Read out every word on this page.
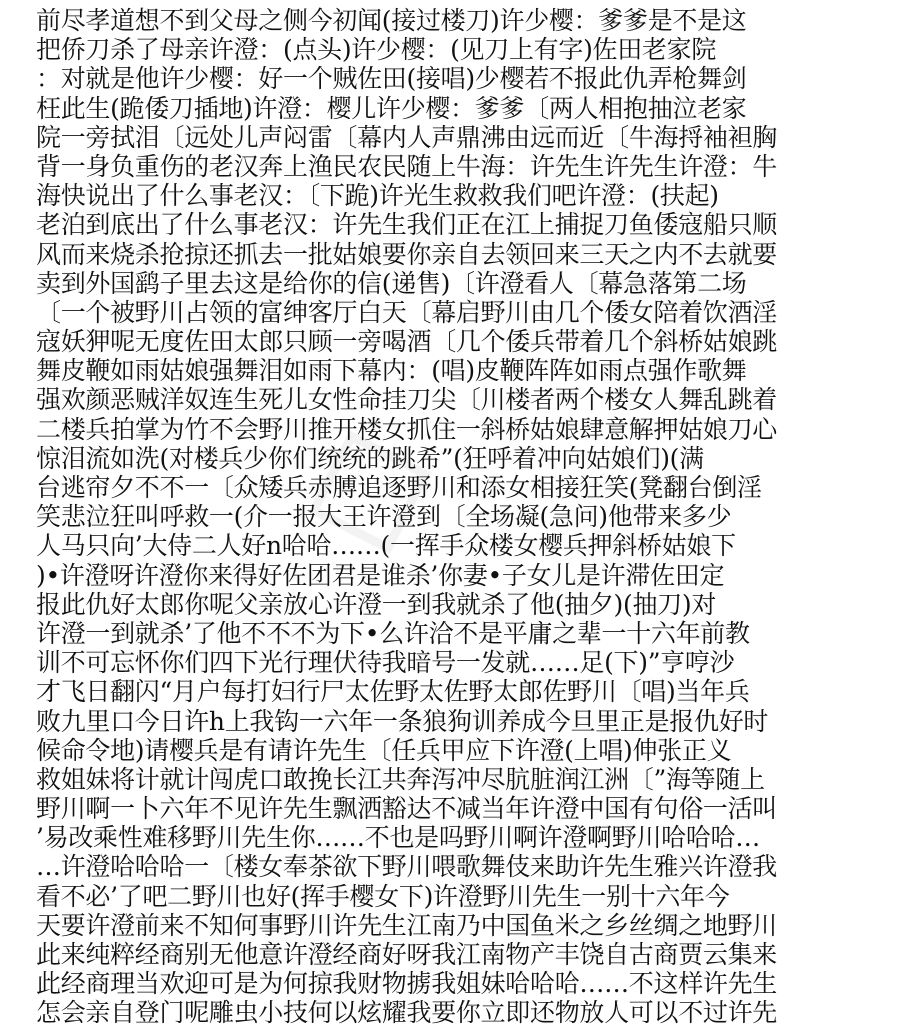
◇
前尽孝道想不到父母之侧今初闻(接过楼刀)许少樱：爹爹是不是这
把侨刀杀了母亲许澄：(点头)许少樱：(见刀上有字)佐田老家院
：对就是他许少樱：好一个贼佐田(接唱)少樱若不报此仇弄枪舞剑
枉此生(跪倭刀插地)许澄：樱儿许少樱：爹爹〔两人相抱抽泣老家
院一旁拭泪〔远处儿声闷雷〔幕内人声鼎沸由远而近〔牛海捋袖袒胸
背一身负重伤的老汉奔上渔民农民随上牛海：许先生许先生许澄：牛
海快说出了什么事老汉：〔下跪)许光生救救我们吧许澄：(扶起)
老泊到底出了什么事老汉：许先生我们正在江上捕捉刀鱼倭寇船只顺
风而来烧杀抢掠还抓去一批姑娘要你亲自去领回来三天之内不去就要
卖到外国鹞子里去这是给你的信(递售)〔许澄看人〔幕急落第二场
〔一个被野川占领的富绅客厅白天〔幕启野川由几个倭女陪着饮酒淫
寇妖狎呢无度佐田太郎只顾一旁喝酒〔几个倭兵带着几个斜桥姑娘跳
舞皮鞭如雨姑娘强舞泪如雨下幕内：(唱)皮鞭阵阵如雨点强作歌舞
强欢颜恶贼洋奴连生死儿女性命挂刀尖〔川楼者两个楼女人舞乱跳着
二楼兵拍掌为竹不会野川推开楼女抓住一斜桥姑娘肆意解押姑娘刀心
惊泪流如洗(对楼兵少你们统统的跳希”(狂呼着冲向姑娘们)(满
台逃帘夕不不一〔众矮兵赤膊追逐野川和添女相接狂笑(凳翻台倒淫
笑悲泣狂叫呼救一(介一报大王许澄到〔全场凝(急问)他带来多少
人马只向’大侍二人好n哈哈……(一挥手众楼女樱兵押斜桥姑娘下
)•许澄呀许澄你来得好佐团君是谁杀’你妻•子女儿是许滞佐田定
报此仇好太郎你呢父亲放心许澄一到我就杀了他(抽夕)(抽刀)对
许澄一到就杀’了他不不不为下•么许洽不是平庸之辈一十六年前教
训不可忘怀你们四下光行理伏待我暗号一发就……足(下)”亨哼沙
才飞日翻闪“月户每打妇行尸太佐野太佐野太郎佐野川〔唱)当年兵
败九里口今日许h上我钩一六年一条狼狗训养成今旦里正是报仇好时
候命令地)请樱兵是有请许先生〔任兵甲应下许澄(上唱)伸张正义
救姐妹将计就计闯虎口敢挽长江共奔泻冲尽肮脏润江洲〔”海等随上
野川啊一卜六年不见许先生飘洒豁达不减当年许澄中国有句俗一活叫
’易改乘性难移野川先生你……不也是吗野川啊许澄啊野川哈哈哈…
…许澄哈哈哈一〔楼女奉茶欲下野川喂歌舞伎来助许先生雅兴许澄我
看不必’了吧二野川也好(挥手樱女下)许澄野川先生一别十六年今
天要许澄前来不知何事野川许先生江南乃中国鱼米之乡丝绸之地野川
此来纯粹经商别无他意许澄经商好呀我江南物产丰饶自古商贾云集来
此经商理当欢迎可是为何掠我财物掳我姐妹哈哈哈……不这样许先生
怎会亲自登门呢雕虫小技何以炫耀我要你立即还物放人可以不过许先
